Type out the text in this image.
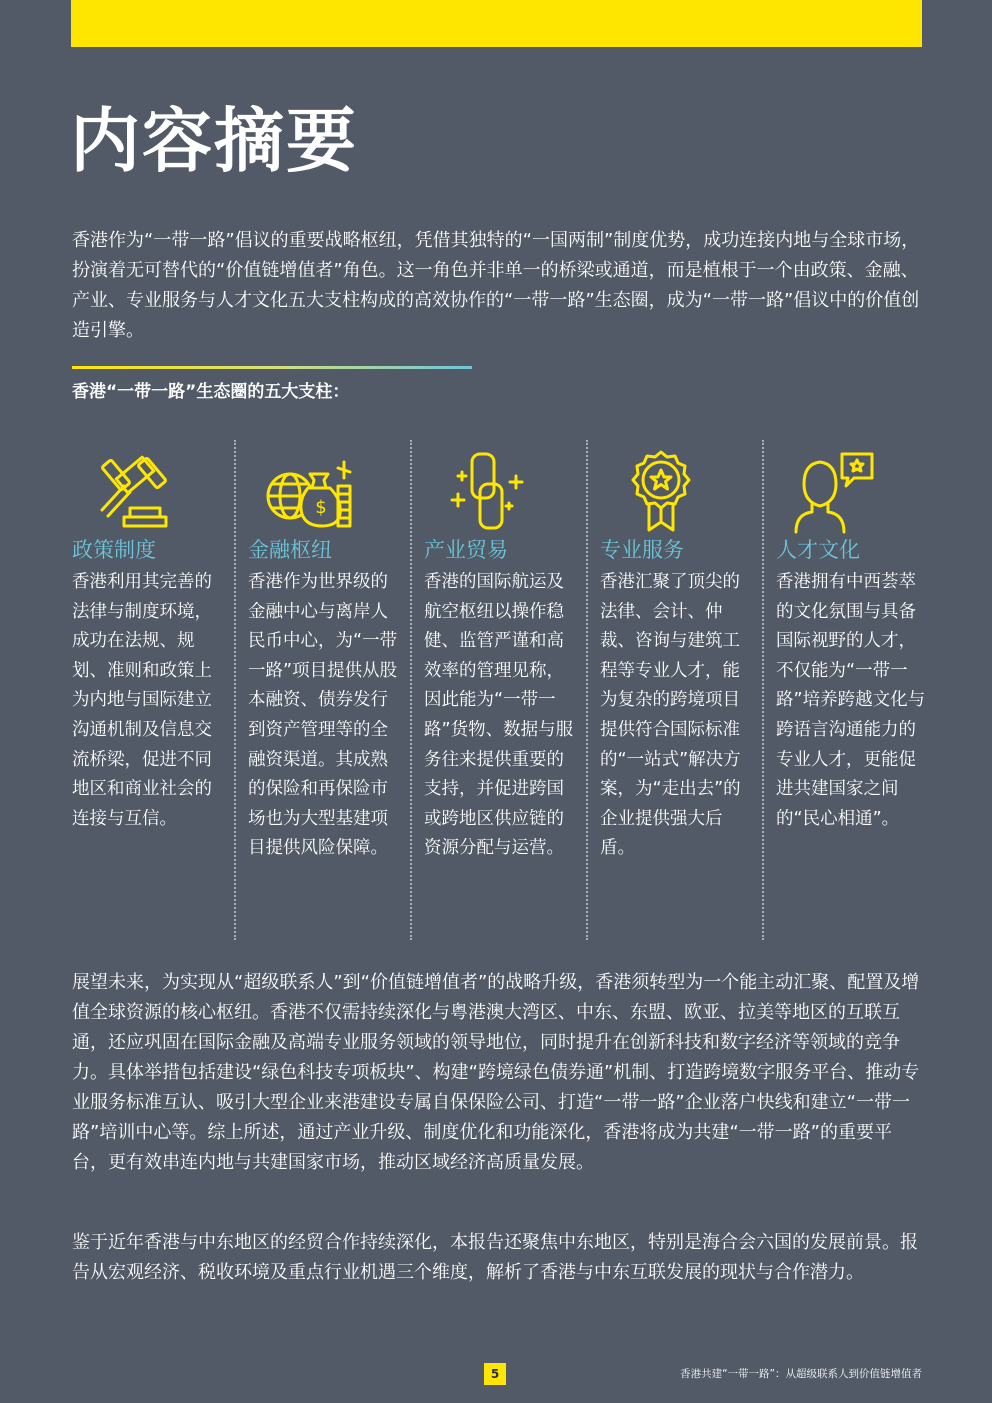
内容摘要

香港作为“一带一路”倡议的重要战略枢纽，凭借其独特的“一国两制”制度优势，成功连接内地与全球市场，扮演着无可替代的“价值链增值者”角色。这一角色并非单一的桥梁或通道，而是植根于一个由政策、金融、产业、专业服务与人才文化五大支柱构成的高效协作的“一带一路”生态圈，成为“一带一路”倡议中的价值创造引擎。

香港“一带一路”生态圈的五大支柱：

政策制度
香港利用其完善的法律与制度环境，成功在法规、规划、准则和政策上为内地与国际建立沟通机制及信息交流桥梁，促进不同地区和商业社会的连接与互信。
$
金融枢纽
香港作为世界级的金融中心与离岸人民币中心，为“一带一路”项目提供从股本融资、债券发行到资产管理等的全融资渠道。其成熟的保险和再保险市场也为大型基建项目提供风险保障。
产业贸易
香港的国际航运及航空枢纽以操作稳健、监管严谨和高效率的管理见称，因此能为“一带一路”货物、数据与服务往来提供重要的支持，并促进跨国或跨地区供应链的资源分配与运营。
专业服务
香港汇聚了顶尖的法律、会计、仲裁、咨询与建筑工程等专业人才，能为复杂的跨境项目提供符合国际标准的“一站式”解决方案，为“走出去”的企业提供强大后盾。
人才文化
香港拥有中西荟萃的文化氛围与具备国际视野的人才，不仅能为“一带一路”培养跨越文化与跨语言沟通能力的专业人才，更能促进共建国家之间的“民心相通”。

展望未来，为实现从“超级联系人”到“价值链增值者”的战略升级，香港须转型为一个能主动汇聚、配置及增值全球资源的核心枢纽。香港不仅需持续深化与粤港澳大湾区、中东、东盟、欧亚、拉美等地区的互联互通，还应巩固在国际金融及高端专业服务领域的领导地位，同时提升在创新科技和数字经济等领域的竞争力。具体举措包括建设“绿色科技专项板块”、构建“跨境绿色债券通”机制、打造跨境数字服务平台、推动专业服务标准互认、吸引大型企业来港建设专属自保保险公司、打造“一带一路”企业落户快线和建立“一带一路”培训中心等。综上所述，通过产业升级、制度优化和功能深化，香港将成为共建“一带一路”的重要平台，更有效串连内地与共建国家市场，推动区域经济高质量发展。

鉴于近年香港与中东地区的经贸合作持续深化，本报告还聚焦中东地区，特别是海合会六国的发展前景。报告从宏观经济、税收环境及重点行业机遇三个维度，解析了香港与中东互联发展的现状与合作潜力。

5	香港共建“一带一路”：从超级联系人到价值链增值者
